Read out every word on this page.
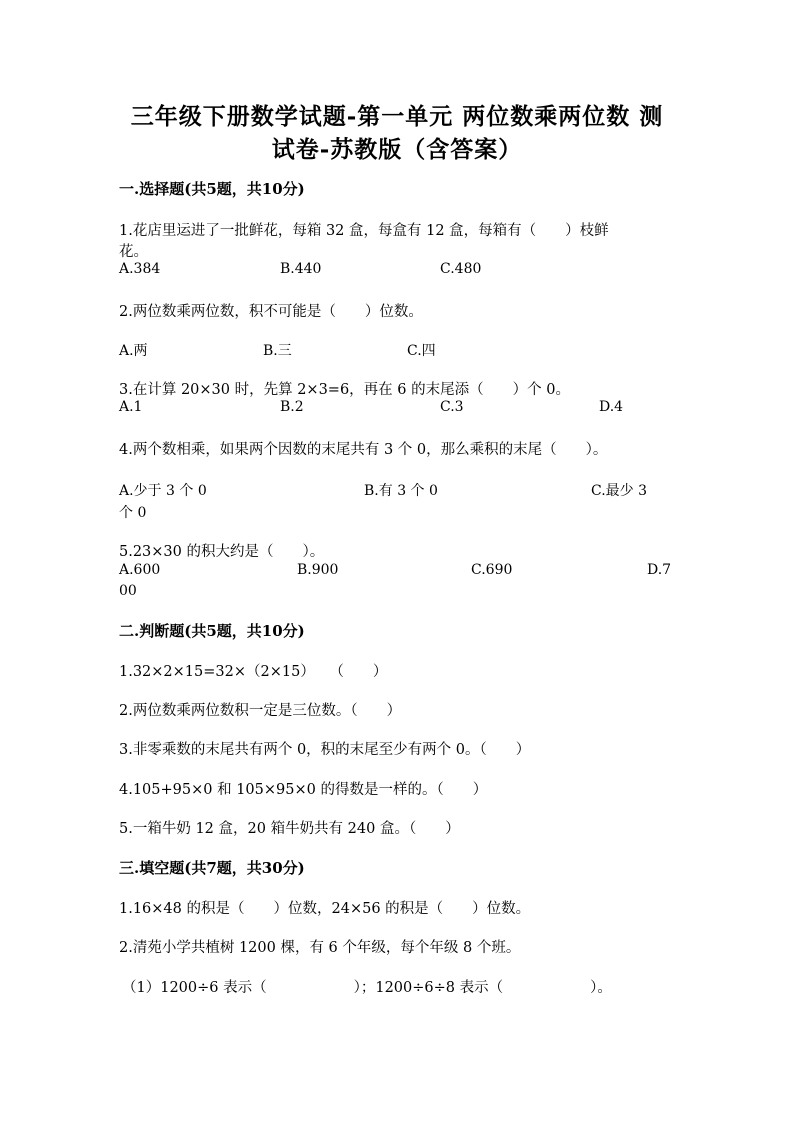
三年级下册数学试题-第一单元 两位数乘两位数 测
试卷-苏教版（含答案）
一.选择题(共5题，共10分)
1.花店里运进了一批鲜花，每箱 32 盒，每盒有 12 盒，每箱有（　　）枝鲜
花。
A.384	B.440	C.480
2.两位数乘两位数，积不可能是（　　）位数。
A.两	B.三	C.四
3.在计算 20×30 时，先算 2×3=6，再在 6 的末尾添（　　）个 0。
A.1	B.2	C.3	D.4
4.两个数相乘，如果两个因数的末尾共有 3 个 0，那么乘积的末尾（　　）。
A.少于 3 个 0	B.有 3 个 0	C.最少 3
个 0
5.23×30 的积大约是（　　）。
A.600	B.900	C.690	D.7
00
二.判断题(共5题，共10分)
1.32×2×15=32×（2×15）　　（　　）
2.两位数乘两位数积一定是三位数。（　　）
3.非零乘数的末尾共有两个 0，积的末尾至少有两个 0。（　　）
4.105+95×0 和 105×95×0 的得数是一样的。（　　）
5.一箱牛奶 12 盒，20 箱牛奶共有 240 盒。（　　）
三.填空题(共7题，共30分)
1.16×48 的积是（　　）位数，24×56 的积是（　　）位数。
2.清苑小学共植树 1200 棵，有 6 个年级，每个年级 8 个班。
（1）1200÷6 表示（　　　　　　）；1200÷6÷8 表示（　　　　　　）。
